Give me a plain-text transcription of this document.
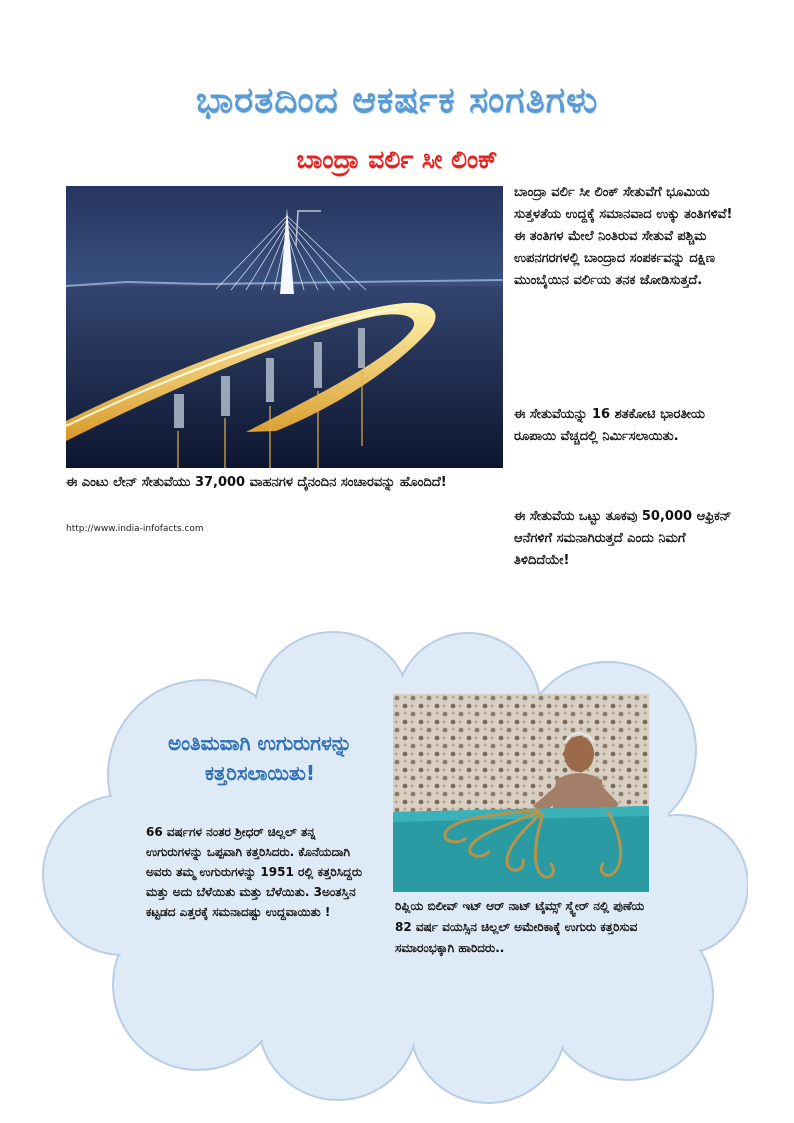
ಭಾರತದಿಂದ ಆಕರ್ಷಕ ಸಂಗತಿಗಳು
ಬಾಂದ್ರಾ ವರ್ಲಿ ಸೀ ಲಿಂಕ್
ಈ ಎಂಟು ಲೇನ್ ಸೇತುವೆಯು 37,000 ವಾಹನಗಳ ದೈನಂದಿನ ಸಂಚಾರವನ್ನು ಹೊಂದಿದೆ!
http://www.india-infofacts.com
ಬಾಂದ್ರಾ ವರ್ಲಿ ಸೀ ಲಿಂಕ್ ಸೇತುವೆಗೆ ಭೂಮಿಯ ಸುತ್ತಳತೆಯ ಉದ್ದಕ್ಕೆ ಸಮಾನವಾದ ಉಕ್ಕು ತಂತಿಗಳಿವೆ! ಈ ತಂತಿಗಳ ಮೇಲೆ ನಿಂತಿರುವ ಸೇತುವೆ ಪಶ್ಚಿಮ ಉಪನಗರಗಳಲ್ಲಿ ಬಾಂದ್ರಾದ ಸಂಪರ್ಕವನ್ನು ದಕ್ಷಿಣ ಮುಂಬೈಯಿನ ವರ್ಲಿಯ ತನಕ ಜೋಡಿಸುತ್ತದೆ.
ಈ ಸೇತುವೆಯನ್ನು 16 ಶತಕೋಟಿ ಭಾರತೀಯ ರೂಪಾಯಿ ವೆಚ್ಚದಲ್ಲಿ ನಿರ್ಮಿಸಲಾಯಿತು.
ಈ ಸೇತುವೆಯ ಒಟ್ಟು ತೂಕವು 50,000 ಆಫ್ರಿಕನ್ ಆನೆಗಳಿಗೆ ಸಮನಾಗಿರುತ್ತದೆ ಎಂದು ನಿಮಗೆ ತಿಳಿದಿದೆಯೇ!
ಅಂತಿಮವಾಗಿ ಉಗುರುಗಳನ್ನು ಕತ್ತರಿಸಲಾಯಿತು!
66 ವರ್ಷಗಳ ನಂತರ ಶ್ರೀಧರ್ ಚಿಲ್ಲಲ್ ತನ್ನ ಉಗುರುಗಳನ್ನು ಒಪ್ಪವಾಗಿ ಕತ್ತರಿಸಿದರು. ಕೊನೆಯದಾಗಿ ಅವರು ತಮ್ಮ ಉಗುರುಗಳನ್ನು 1951 ರಲ್ಲಿ ಕತ್ತರಿಸಿದ್ದರು ಮತ್ತು ಅದು ಬೆಳೆಯಿತು ಮತ್ತು ಬೆಳೆಯಿತು. 3ಅಂತಸ್ತಿನ ಕಟ್ಟಡದ ಎತ್ತರಕ್ಕೆ ಸಮನಾದಷ್ಟು ಉದ್ದವಾಯಿತು !	ರಿಪ್ಲಿಯ ಬಿಲೀವ್ ಇಟ್ ಆರ್ ನಾಟ್ ಟೈಮ್ಸ್ ಸ್ಕ್ವೇರ್ ನಲ್ಲಿ ಪುಣೆಯ 82 ವರ್ಷ ವಯಸ್ಸಿನ ಚಿಲ್ಲಲ್ ಅಮೇರಿಕಾಕ್ಕೆ ಉಗುರು ಕತ್ತರಿಸುವ ಸಮಾರಂಭಕ್ಕಾಗಿ ಹಾರಿದರು..
